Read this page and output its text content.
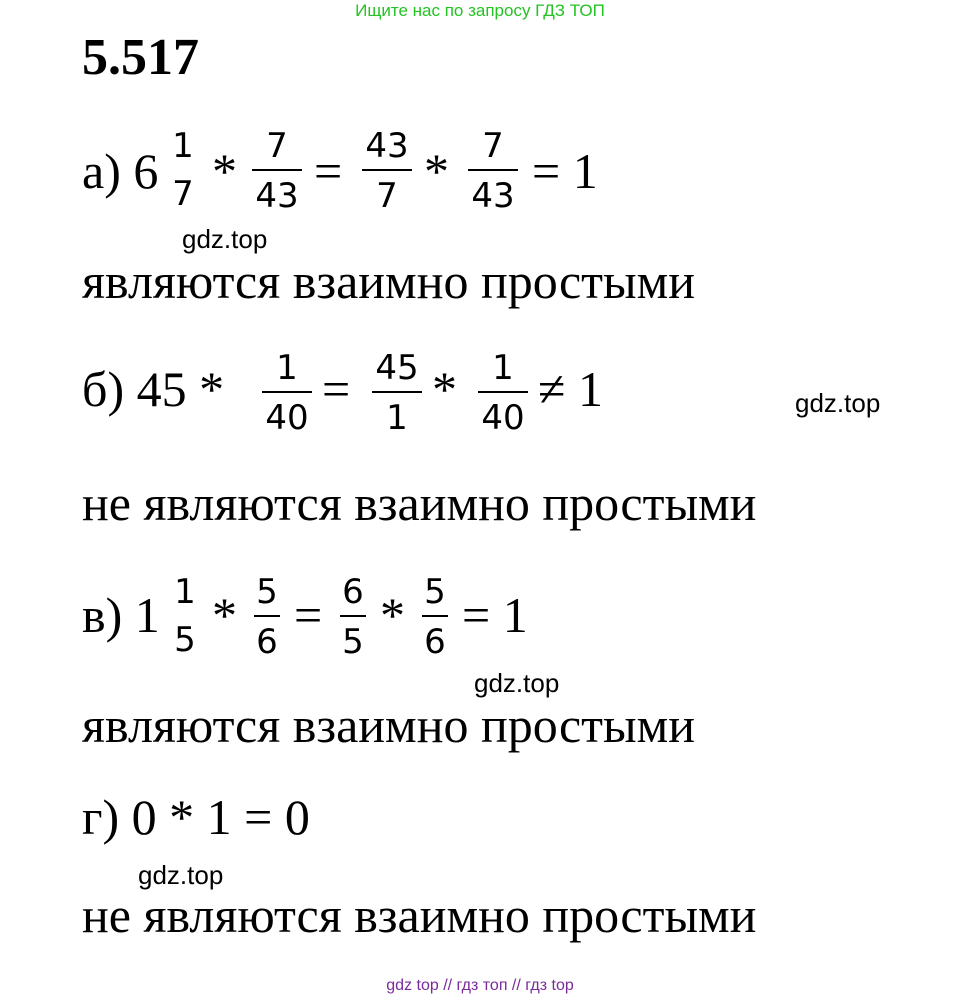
Ищите нас по запросу ГДЗ ТОП
5.517
а) 6 1
$7 * \frac{7}{43} = \frac{43}{7} * \frac{7}{43} = 1$
gdz.top
являются взаимно простыми
б) $45 * \frac{1}{40} = \frac{45}{1} * \frac{1}{40} \ne 1$	gdz.top
не являются взаимно простыми
в) 1 1
$5 * \frac{5}{6} = \frac{6}{5} * \frac{5}{6} = 1$
gdz.top
являются взаимно простыми
г) 0 * 1 = 0
gdz.top
не являются взаимно простыми
gdz top // гдз топ // гдз top
